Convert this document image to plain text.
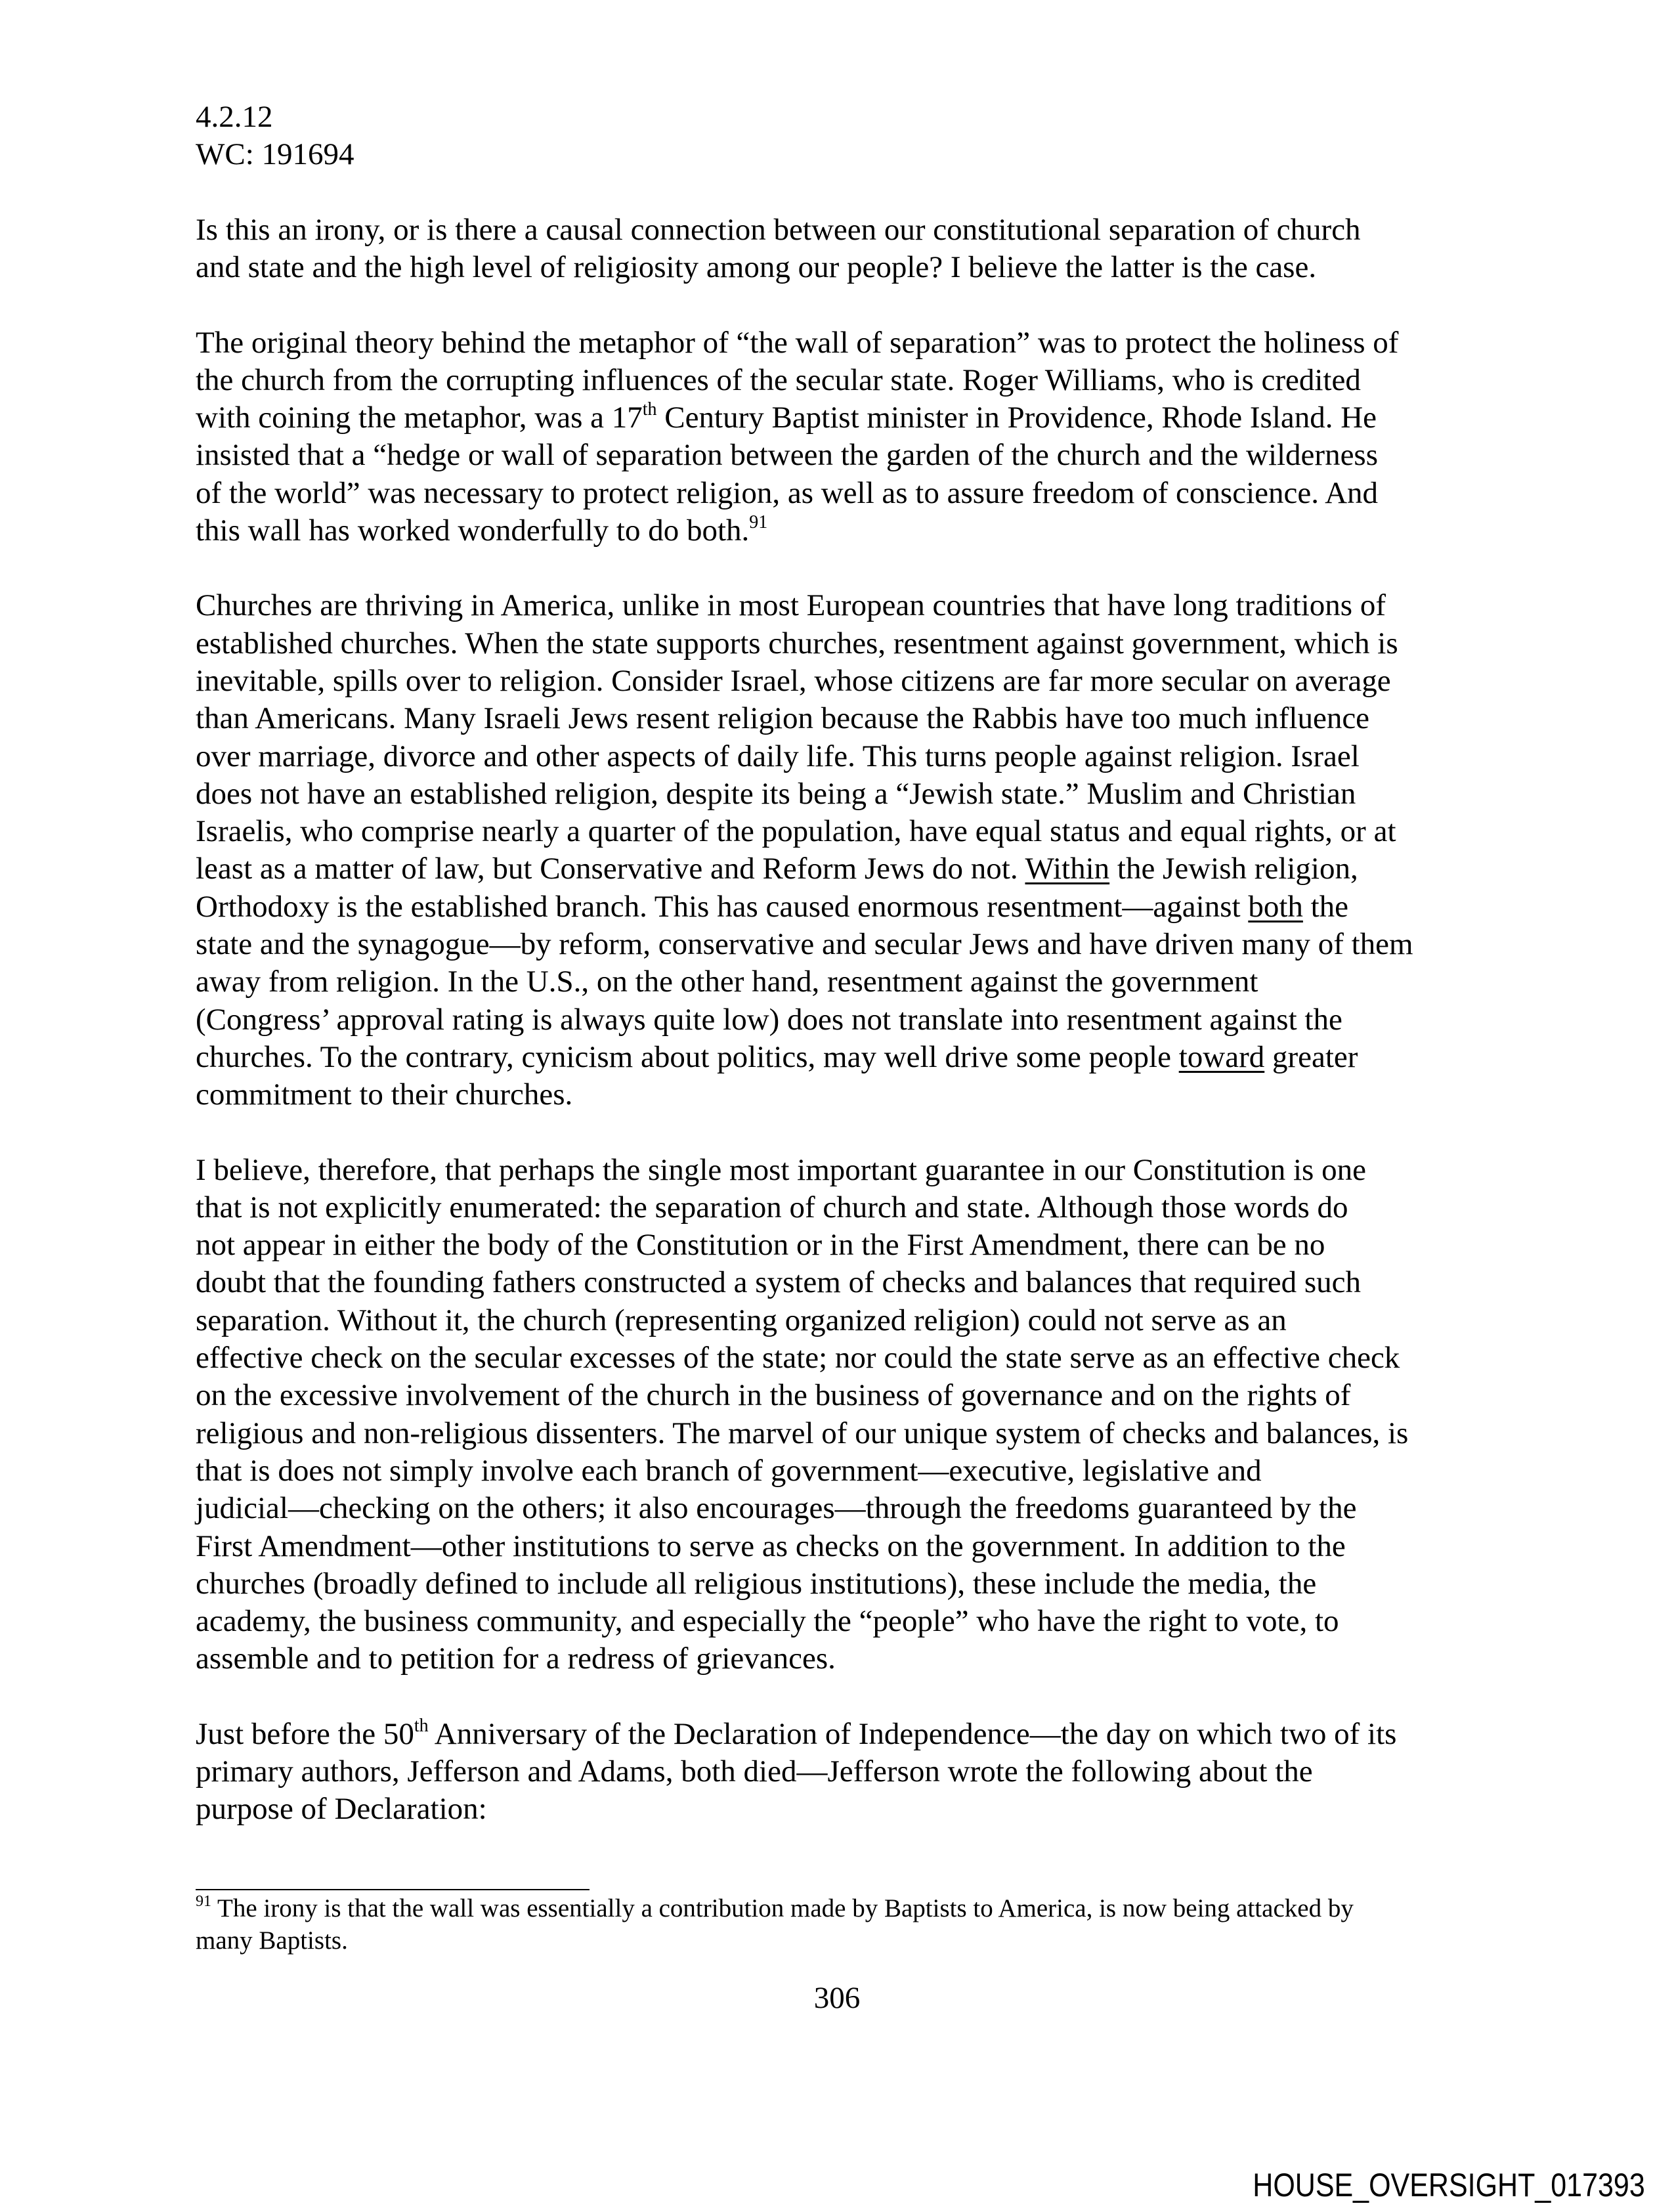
4.2.12

WC: 191694

Is this an irony, or is there a causal connection between our constitutional separation of church
and state and the high level of religiosity among our people? I believe the latter is the case.

The original theory behind the metaphor of “the wall of separation” was to protect the holiness of
the church from the corrupting influences of the secular state. Roger Williams, who is credited
with coining the metaphor, was a 17th Century Baptist minister in Providence, Rhode Island. He
insisted that a “hedge or wall of separation between the garden of the church and the wilderness
of the world” was necessary to protect religion, as well as to assure freedom of conscience. And
this wall has worked wonderfully to do both.$^{91}$

Churches are thriving in America, unlike in most European countries that have long traditions of
established churches. When the state supports churches, resentment against government, which is
inevitable, spills over to religion. Consider Israel, whose citizens are far more secular on average
than Americans. Many Israeli Jews resent religion because the Rabbis have too much influence
over marriage, divorce and other aspects of daily life. This turns people against religion. Israel
does not have an established religion, despite its being a “Jewish state.” Muslim and Christian
Israelis, who comprise nearly a quarter of the population, have equal status and equal rights, or at
least as a matter of law, but Conservative and Reform Jews do not. Within the Jewish religion,
Orthodoxy is the established branch. This has caused enormous resentment—against both the
state and the synagogue—by reform, conservative and secular Jews and have driven many of them
away from religion. In the U.S., on the other hand, resentment against the government
(Congress’ approval rating is always quite low) does not translate into resentment against the
churches. To the contrary, cynicism about politics, may well drive some people toward greater
commitment to their churches.

I believe, therefore, that perhaps the single most important guarantee in our Constitution is one
that is not explicitly enumerated: the separation of church and state. Although those words do
not appear in either the body of the Constitution or in the First Amendment, there can be no
doubt that the founding fathers constructed a system of checks and balances that required such
separation. Without it, the church (representing organized religion) could not serve as an
effective check on the secular excesses of the state; nor could the state serve as an effective check
on the excessive involvement of the church in the business of governance and on the rights of
religious and non-religious dissenters. The marvel of our unique system of checks and balances, is
that is does not simply involve each branch of government—executive, legislative and
judicial—checking on the others; it also encourages—through the freedoms guaranteed by the
First Amendment—other institutions to serve as checks on the government. In addition to the
churches (broadly defined to include all religious institutions), these include the media, the
academy, the business community, and especially the “people” who have the right to vote, to
assemble and to petition for a redress of grievances.

Just before the 50th Anniversary of the Declaration of Independence—the day on which two of its
primary authors, Jefferson and Adams, both died—Jefferson wrote the following about the
purpose of Declaration:

$^{91}$ The irony is that the wall was essentially a contribution made by Baptists to America, is now being attacked by
many Baptists.
306
HOUSE_OVERSIGHT_017393
